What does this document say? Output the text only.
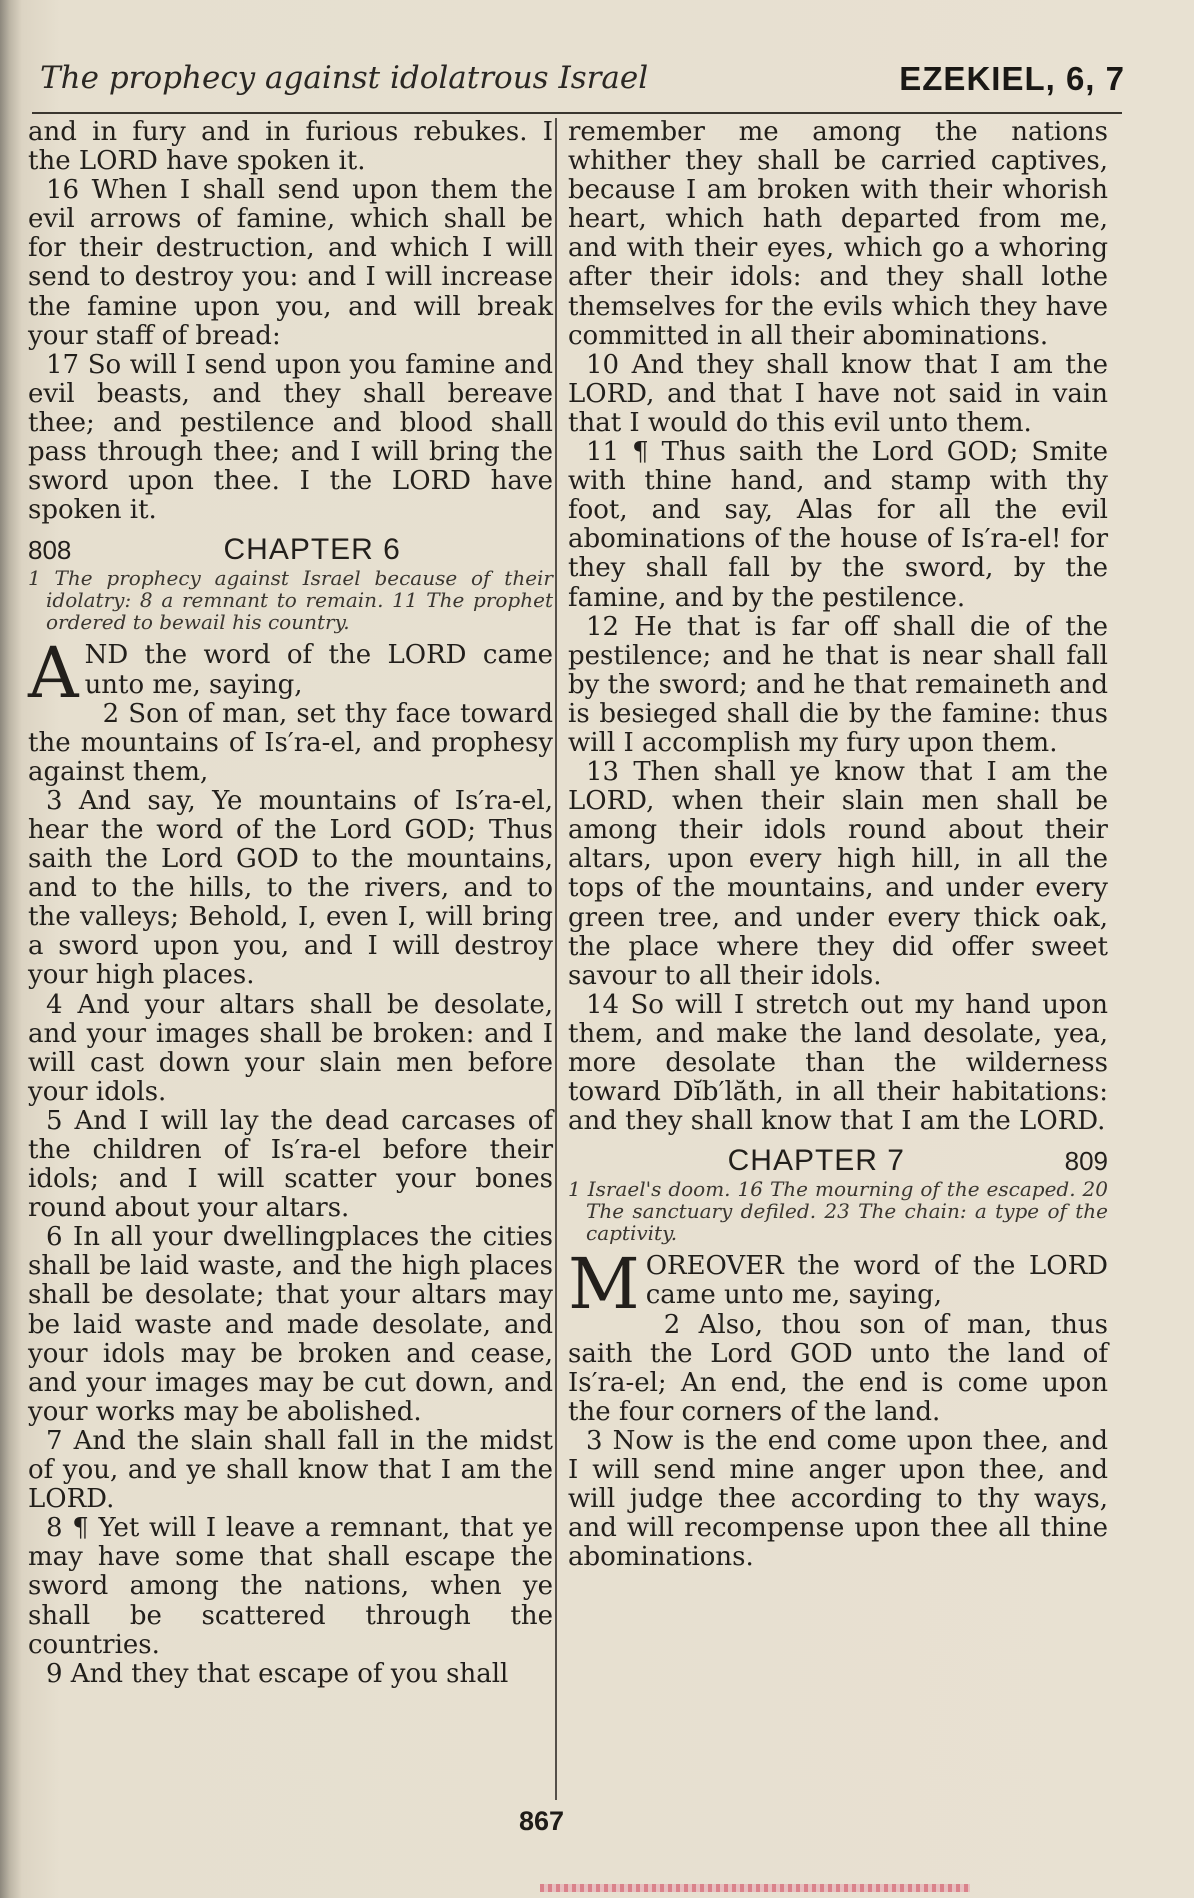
The prophecy against idolatrous Israel	EZEKIEL, 6, 7

and in fury and in furious rebukes. I the LORD have spoken it.

16 When I shall send upon them the evil arrows of famine, which shall be for their destruction, and which I will send to destroy you: and I will increase the famine upon you, and will break your staff of bread:

17 So will I send upon you famine and evil beasts, and they shall bereave thee; and pestilence and blood shall pass through thee; and I will bring the sword upon thee. I the LORD have spoken it.

808	CHAPTER 6

1 The prophecy against Israel because of their idolatry: 8 a remnant to remain. 11 The prophet ordered to bewail his country.

AND the word of the LORD came unto me, saying,

2 Son of man, set thy face toward the mountains of Is′ra-el, and prophesy against them,

3 And say, Ye mountains of Is′ra-el, hear the word of the Lord GOD; Thus saith the Lord GOD to the mountains, and to the hills, to the rivers, and to the valleys; Behold, I, even I, will bring a sword upon you, and I will destroy your high places.

4 And your altars shall be desolate, and your images shall be broken: and I will cast down your slain men before your idols.

5 And I will lay the dead carcases of the children of Is′ra-el before their idols; and I will scatter your bones round about your altars.

6 In all your dwellingplaces the cities shall be laid waste, and the high places shall be desolate; that your altars may be laid waste and made desolate, and your idols may be broken and cease, and your images may be cut down, and your works may be abolished.

7 And the slain shall fall in the midst of you, and ye shall know that I am the LORD.

8 ¶ Yet will I leave a remnant, that ye may have some that shall escape the sword among the nations, when ye shall be scattered through the countries.

9 And they that escape of you shall

remember me among the nations whither they shall be carried captives, because I am broken with their whorish heart, which hath departed from me, and with their eyes, which go a whoring after their idols: and they shall lothe themselves for the evils which they have committed in all their abominations.

10 And they shall know that I am the LORD, and that I have not said in vain that I would do this evil unto them.

11 ¶ Thus saith the Lord GOD; Smite with thine hand, and stamp with thy foot, and say, Alas for all the evil abominations of the house of Is′ra-el! for they shall fall by the sword, by the famine, and by the pestilence.

12 He that is far off shall die of the pestilence; and he that is near shall fall by the sword; and he that remaineth and is besieged shall die by the famine: thus will I accomplish my fury upon them.

13 Then shall ye know that I am the LORD, when their slain men shall be among their idols round about their altars, upon every high hill, in all the tops of the mountains, and under every green tree, and under every thick oak, the place where they did offer sweet savour to all their idols.

14 So will I stretch out my hand upon them, and make the land desolate, yea, more desolate than the wilderness toward Dĭb′lăth, in all their habitations: and they shall know that I am the LORD.

CHAPTER 7	809

1 Israel's doom. 16 The mourning of the escaped. 20 The sanctuary defiled. 23 The chain: a type of the captivity.

MOREOVER the word of the LORD came unto me, saying,

2 Also, thou son of man, thus saith the Lord GOD unto the land of Is′ra-el; An end, the end is come upon the four corners of the land.

3 Now is the end come upon thee, and I will send mine anger upon thee, and will judge thee according to thy ways, and will recompense upon thee all thine abominations.

867
